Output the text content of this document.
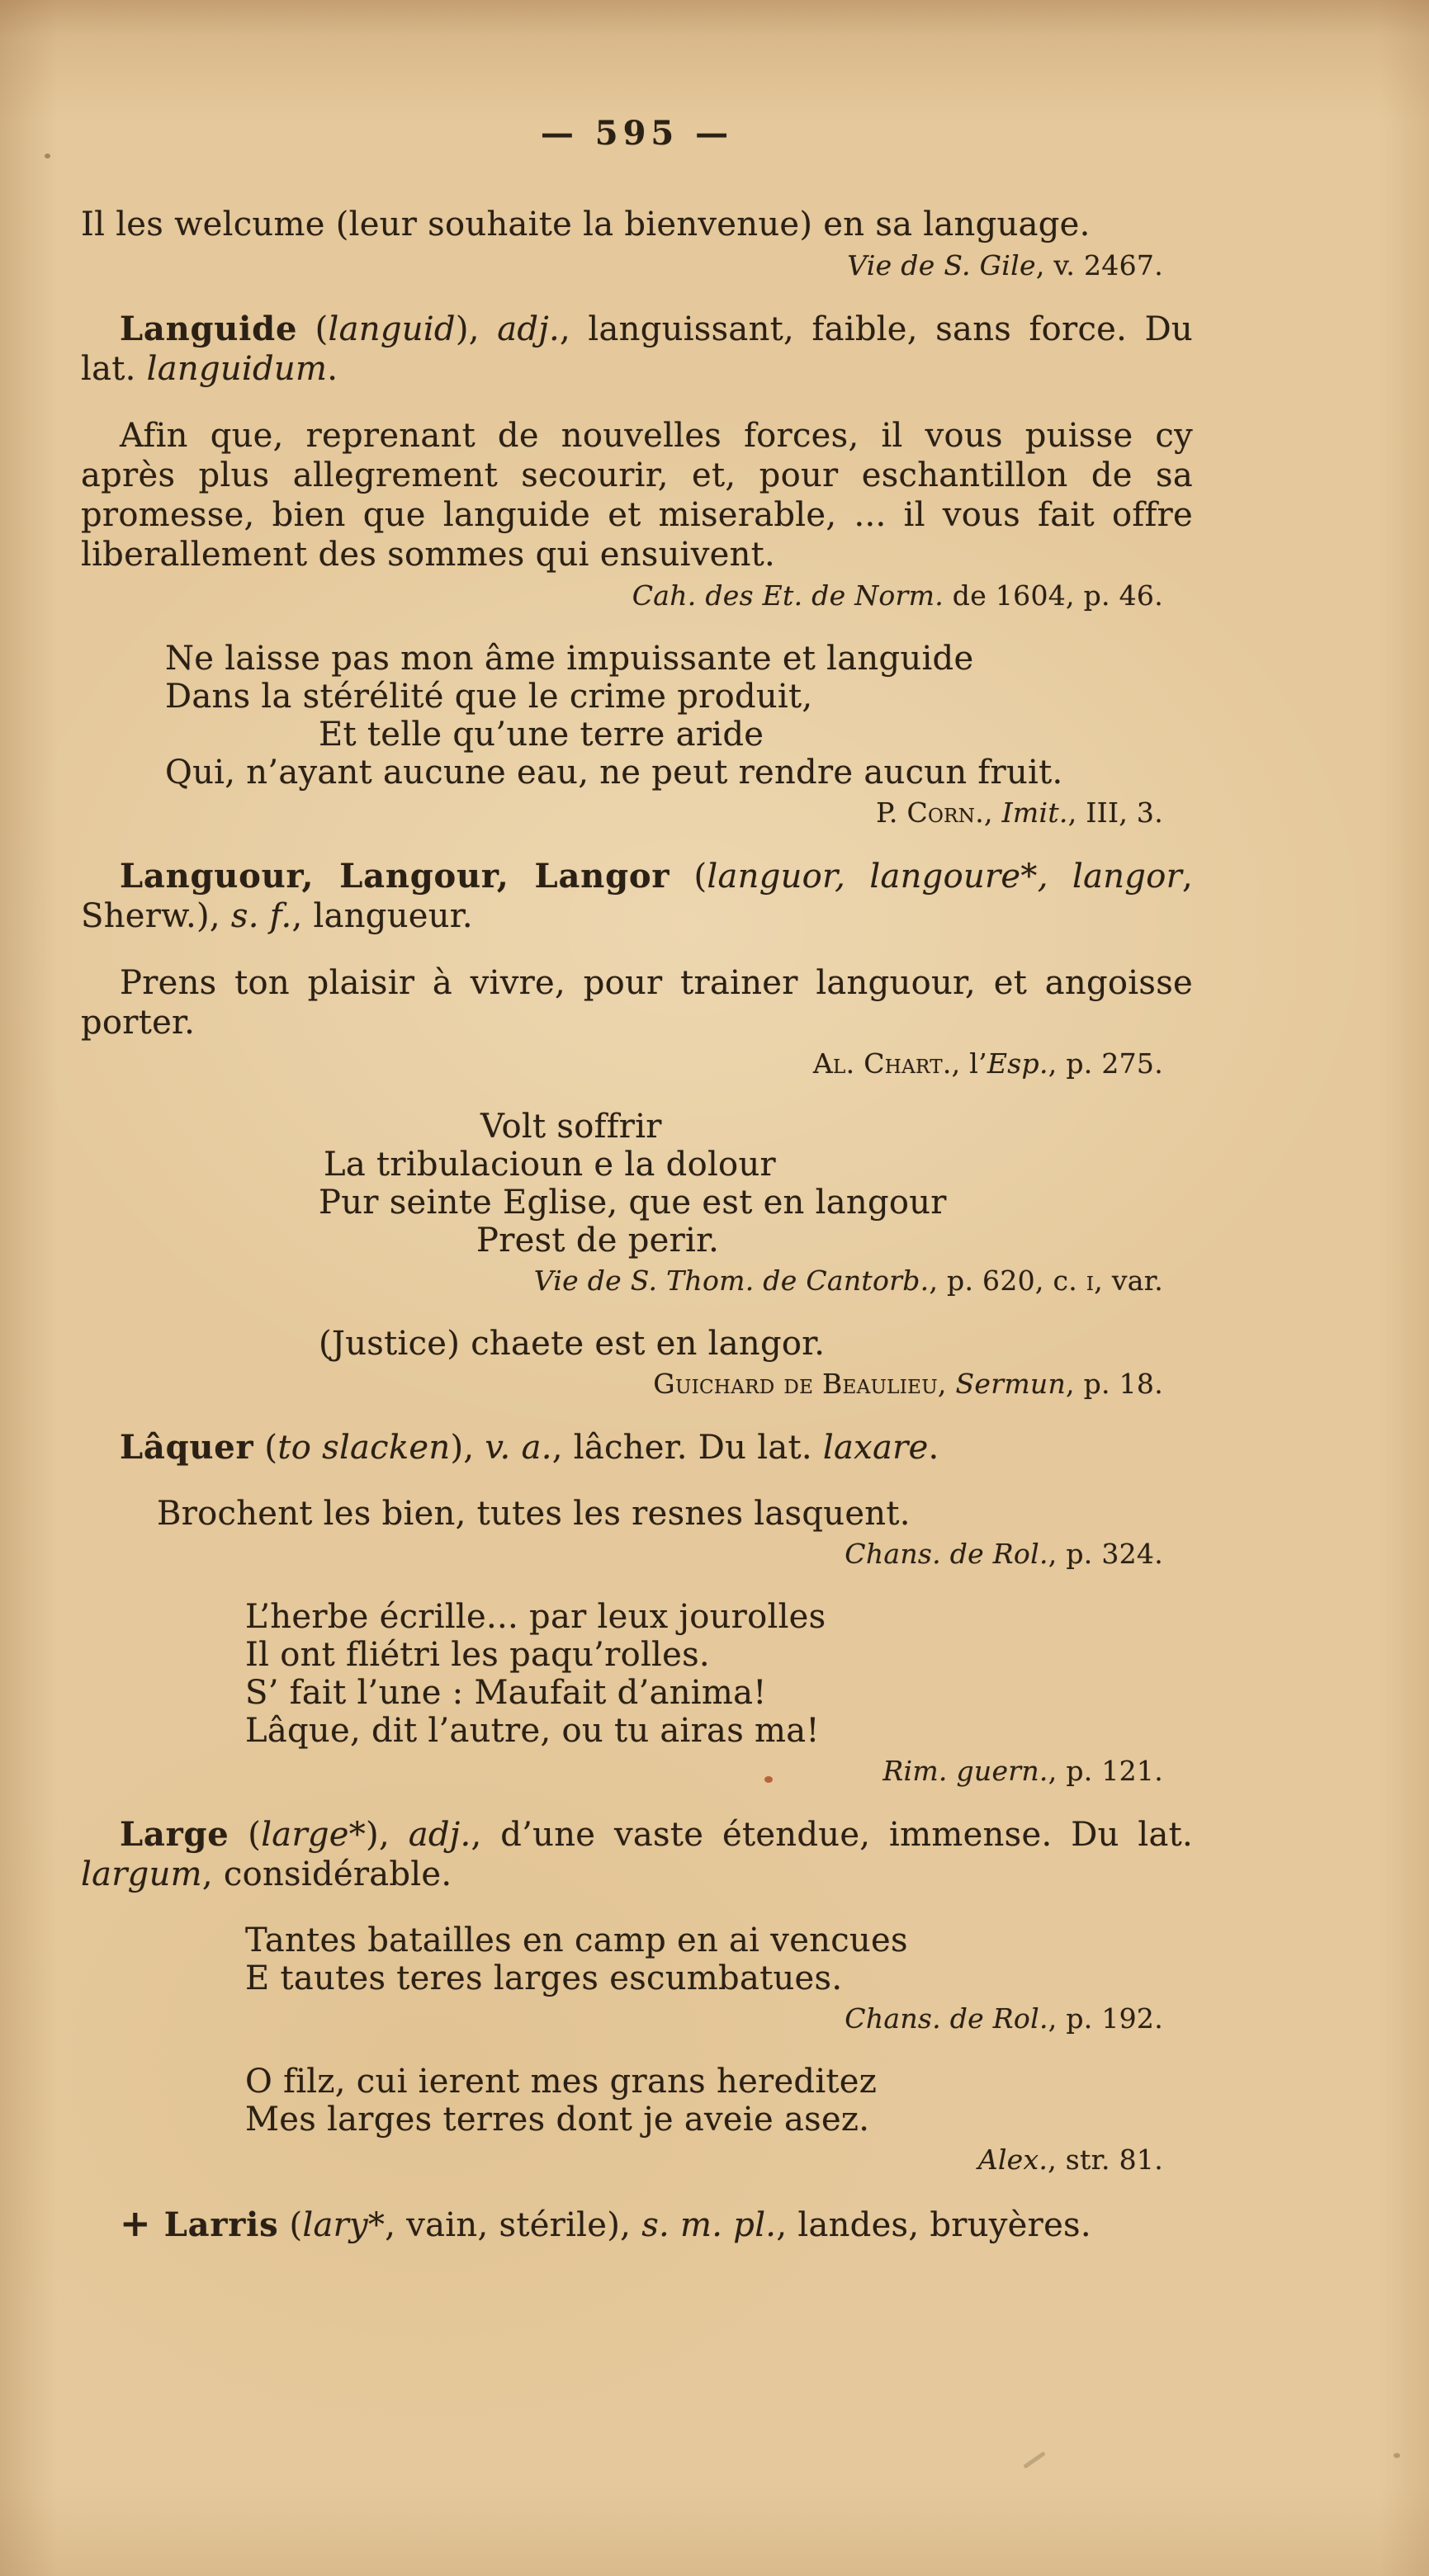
— 595 —
Il les welcume (leur souhaite la bienvenue) en sa language.
Vie de S. Gile, v. 2467.
Languide (languid), adj., languissant, faible, sans force. Du lat. languidum.
Afin que, reprenant de nouvelles forces, il vous puisse cy après plus allegrement secourir, et, pour eschantillon de sa promesse, bien que languide et miserable, ... il vous fait offre liberallement des sommes qui ensuivent.
Cah. des Et. de Norm. de 1604, p. 46.
Ne laisse pas mon âme impuissante et languide
Dans la stérélité que le crime produit,
Et telle qu’une terre aride
Qui, n’ayant aucune eau, ne peut rendre aucun fruit.
P. Corn., Imit., III, 3.
Languour, Langour, Langor (languor, langoure*, langor, Sherw.), s. f., langueur.
Prens ton plaisir à vivre, pour trainer languour, et angoisse porter.
Al. Chart., l’Esp., p. 275.
Volt soffrir
La tribulacioun e la dolour
Pur seinte Eglise, que est en langour
Prest de perir.
Vie de S. Thom. de Cantorb., p. 620, c. i, var.
(Justice) chaete est en langor.
Guichard de Beaulieu, Sermun, p. 18.
Lâquer (to slacken), v. a., lâcher. Du lat. laxare.
Brochent les bien, tutes les resnes lasquent.
Chans. de Rol., p. 324.
L’herbe écrille... par leux jourolles
Il ont fliétri les paqu’rolles.
S’ fait l’une : Maufait d’anima!
Lâque, dit l’autre, ou tu airas ma!
Rim. guern., p. 121.
Large (large*), adj., d’une vaste étendue, immense. Du lat. largum, considérable.
Tantes batailles en camp en ai vencues
E tautes teres larges escumbatues.
Chans. de Rol., p. 192.
O filz, cui ierent mes grans hereditez
Mes larges terres dont je aveie asez.
Alex., str. 81.
+ Larris (lary*, vain, stérile), s. m. pl., landes, bruyères.
